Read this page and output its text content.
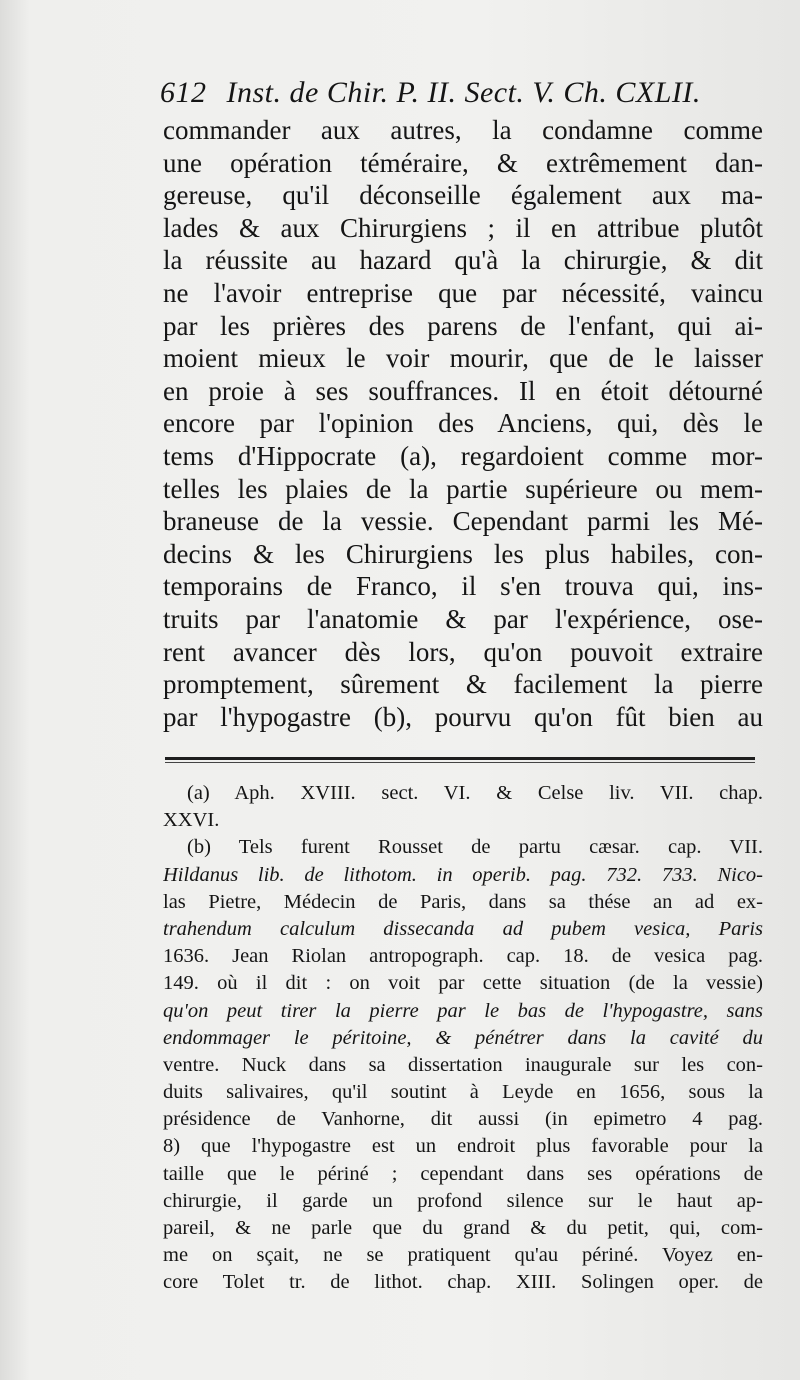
612 Inst. de Chir. P. II. Sect. V. Ch. CXLII.
commander aux autres, la condamne comme
une opération téméraire, & extrêmement dan-
gereuse, qu'il déconseille également aux ma-
lades & aux Chirurgiens ; il en attribue plutôt
la réussite au hazard qu'à la chirurgie, & dit
ne l'avoir entreprise que par nécessité, vaincu
par les prières des parens de l'enfant, qui ai-
moient mieux le voir mourir, que de le laisser
en proie à ses souffrances. Il en étoit détourné
encore par l'opinion des Anciens, qui, dès le
tems d'Hippocrate (a), regardoient comme mor-
telles les plaies de la partie supérieure ou mem-
braneuse de la vessie. Cependant parmi les Mé-
decins & les Chirurgiens les plus habiles, con-
temporains de Franco, il s'en trouva qui, ins-
truits par l'anatomie & par l'expérience, ose-
rent avancer dès lors, qu'on pouvoit extraire
promptement, sûrement & facilement la pierre
par l'hypogastre (b), pourvu qu'on fût bien au
(a) Aph. XVIII. sect. VI. & Celse liv. VII. chap.
XXVI.
(b) Tels furent Rousset de partu cæsar. cap. VII.
Hildanus lib. de lithotom. in operib. pag. 732. 733. Nico-
las Pietre, Médecin de Paris, dans sa thése an ad ex-
trahendum calculum dissecanda ad pubem vesica, Paris
1636. Jean Riolan antropograph. cap. 18. de vesica pag.
149. où il dit : on voit par cette situation (de la vessie)
qu'on peut tirer la pierre par le bas de l'hypogastre, sans
endommager le péritoine, & pénétrer dans la cavité du
ventre. Nuck dans sa dissertation inaugurale sur les con-
duits salivaires, qu'il soutint à Leyde en 1656, sous la
présidence de Vanhorne, dit aussi (in epimetro 4 pag.
8) que l'hypogastre est un endroit plus favorable pour la
taille que le périné ; cependant dans ses opérations de
chirurgie, il garde un profond silence sur le haut ap-
pareil, & ne parle que du grand & du petit, qui, com-
me on sçait, ne se pratiquent qu'au périné. Voyez en-
core Tolet tr. de lithot. chap. XIII. Solingen oper. de
